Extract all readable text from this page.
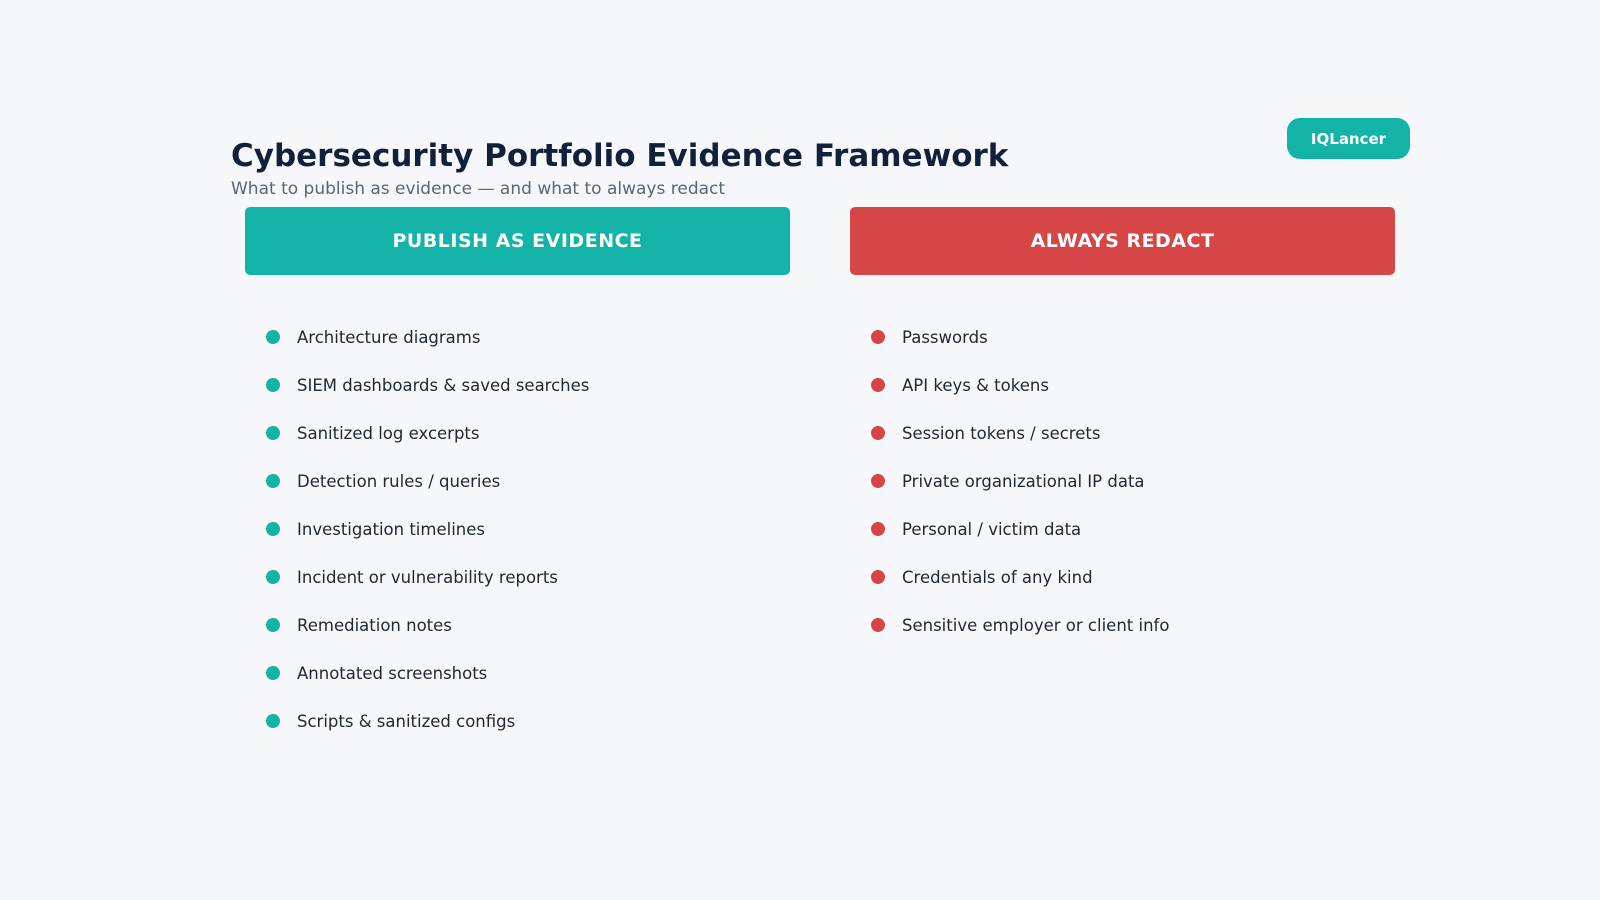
Cybersecurity Portfolio Evidence Framework

What to publish as evidence — and what to always redact

IQLancer
PUBLISH AS EVIDENCE	ALWAYS REDACT
Architecture diagrams
SIEM dashboards & saved searches
Sanitized log excerpts
Detection rules / queries
Investigation timelines
Incident or vulnerability reports
Remediation notes
Annotated screenshots
Scripts & sanitized configs
Passwords
API keys & tokens
Session tokens / secrets
Private organizational IP data
Personal / victim data
Credentials of any kind
Sensitive employer or client info
